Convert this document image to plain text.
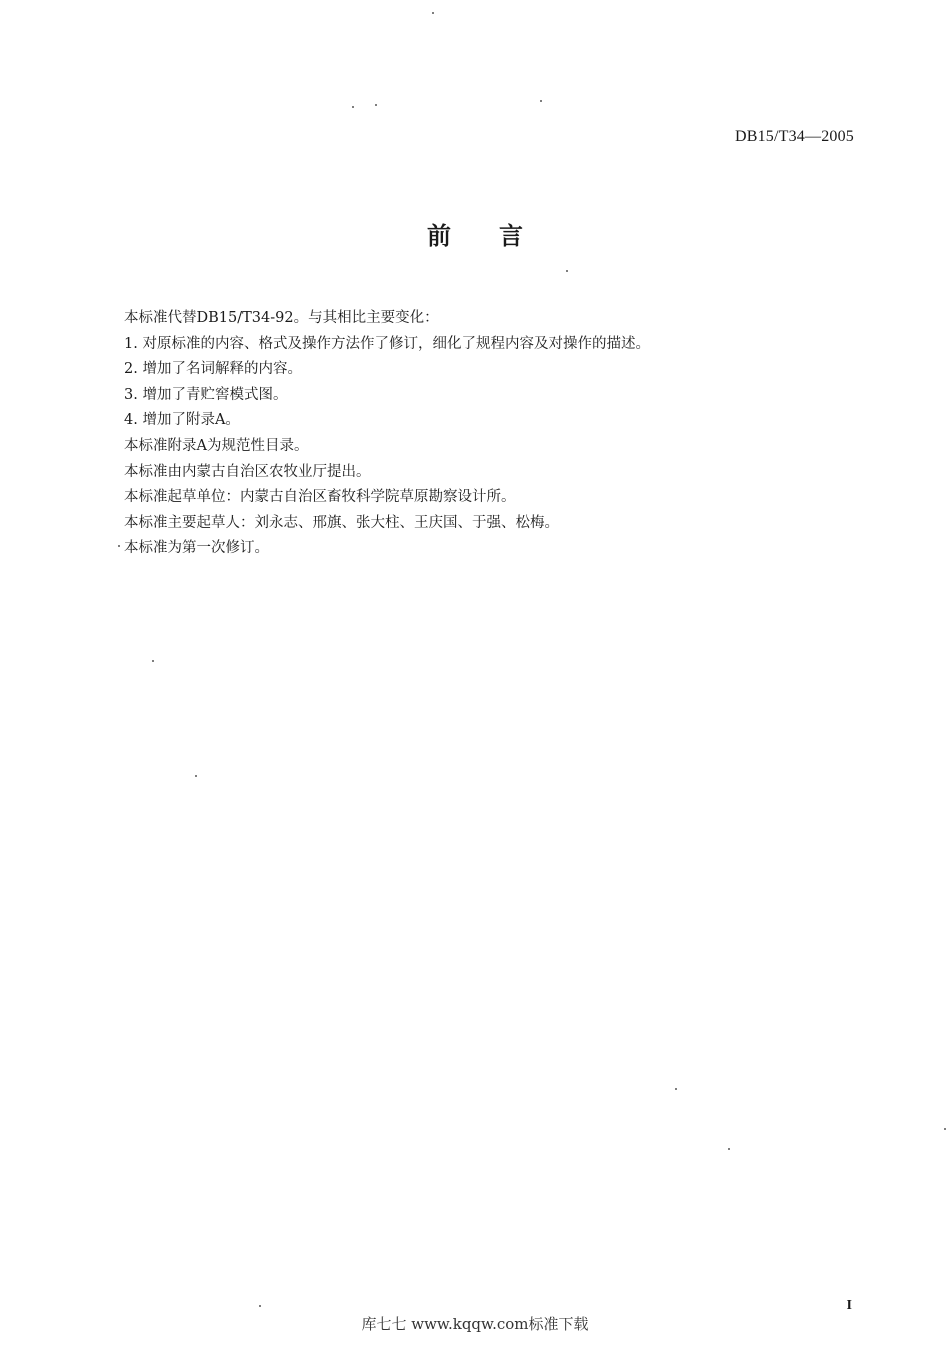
DB15/T34—2005
前言
本标准代替DB15/T34-92。与其相比主要变化：
1. 对原标准的内容、格式及操作方法作了修订，细化了规程内容及对操作的描述。
2. 增加了名词解释的内容。
3. 增加了青贮窖模式图。
4. 增加了附录A。
本标准附录A为规范性目录。
本标准由内蒙古自治区农牧业厅提出。
本标准起草单位：内蒙古自治区畜牧科学院草原勘察设计所。
本标准主要起草人：刘永志、邢旗、张大柱、王庆国、于强、松梅。
本标准为第一次修订。
I
库七七 www.kqqw.com标准下载
